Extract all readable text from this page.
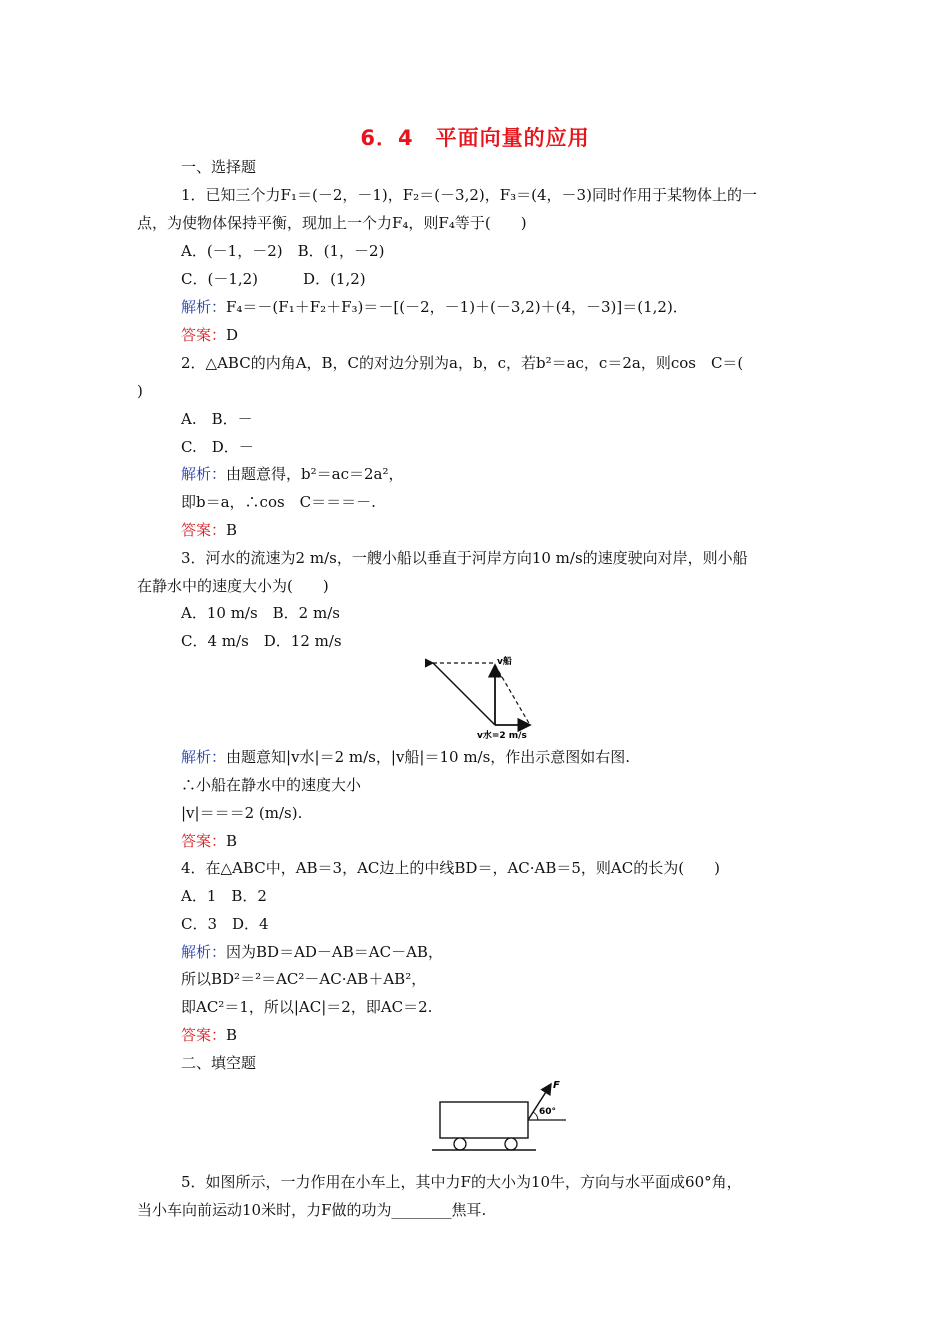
6．4　平面向量的应用
一、选择题
1．已知三个力F₁＝(－2，－1)，F₂＝(－3,2)，F₃＝(4，－3)同时作用于某物体上的一
点，为使物体保持平衡，现加上一个力F₄，则F₄等于(　　)
A．(－1，－2)　B．(1，－2)
C．(－1,2)　　　D．(1,2)
解析：F₄＝－(F₁＋F₂＋F₃)＝－[(－2，－1)＋(－3,2)＋(4，－3)]＝(1,2)．
答案：D
2．△ABC的内角A，B，C的对边分别为a，b，c，若b²＝ac，c＝2a，则cos　C＝(
)
A.　B．－
C.　D．－
解析：由题意得，b²＝ac＝2a²，
即b＝a，∴cos　C＝＝＝－.
答案：B
3．河水的流速为2 m/s，一艘小船以垂直于河岸方向10 m/s的速度驶向对岸，则小船
在静水中的速度大小为(　　)
A．10 m/s　B．2 m/s
C．4 m/s　D．12 m/s
v船
v水=2 m/s
解析：由题意知|v水|＝2 m/s，|v船|＝10 m/s，作出示意图如右图.
∴小船在静水中的速度大小
|v|＝＝＝2 (m/s).
答案：B
4．在△ABC中，AB＝3，AC边上的中线BD＝，AC·AB＝5，则AC的长为(　　)
A．1　B．2
C．3　D．4
解析：因为BD＝AD－AB＝AC－AB，
所以BD²＝²＝AC²－AC·AB＋AB²，
即AC²＝1，所以|AC|＝2，即AC＝2.
答案：B
二、填空题
F
60°
5．如图所示，一力作用在小车上，其中力F的大小为10牛，方向与水平面成60°角，
当小车向前运动10米时，力F做的功为________焦耳.
